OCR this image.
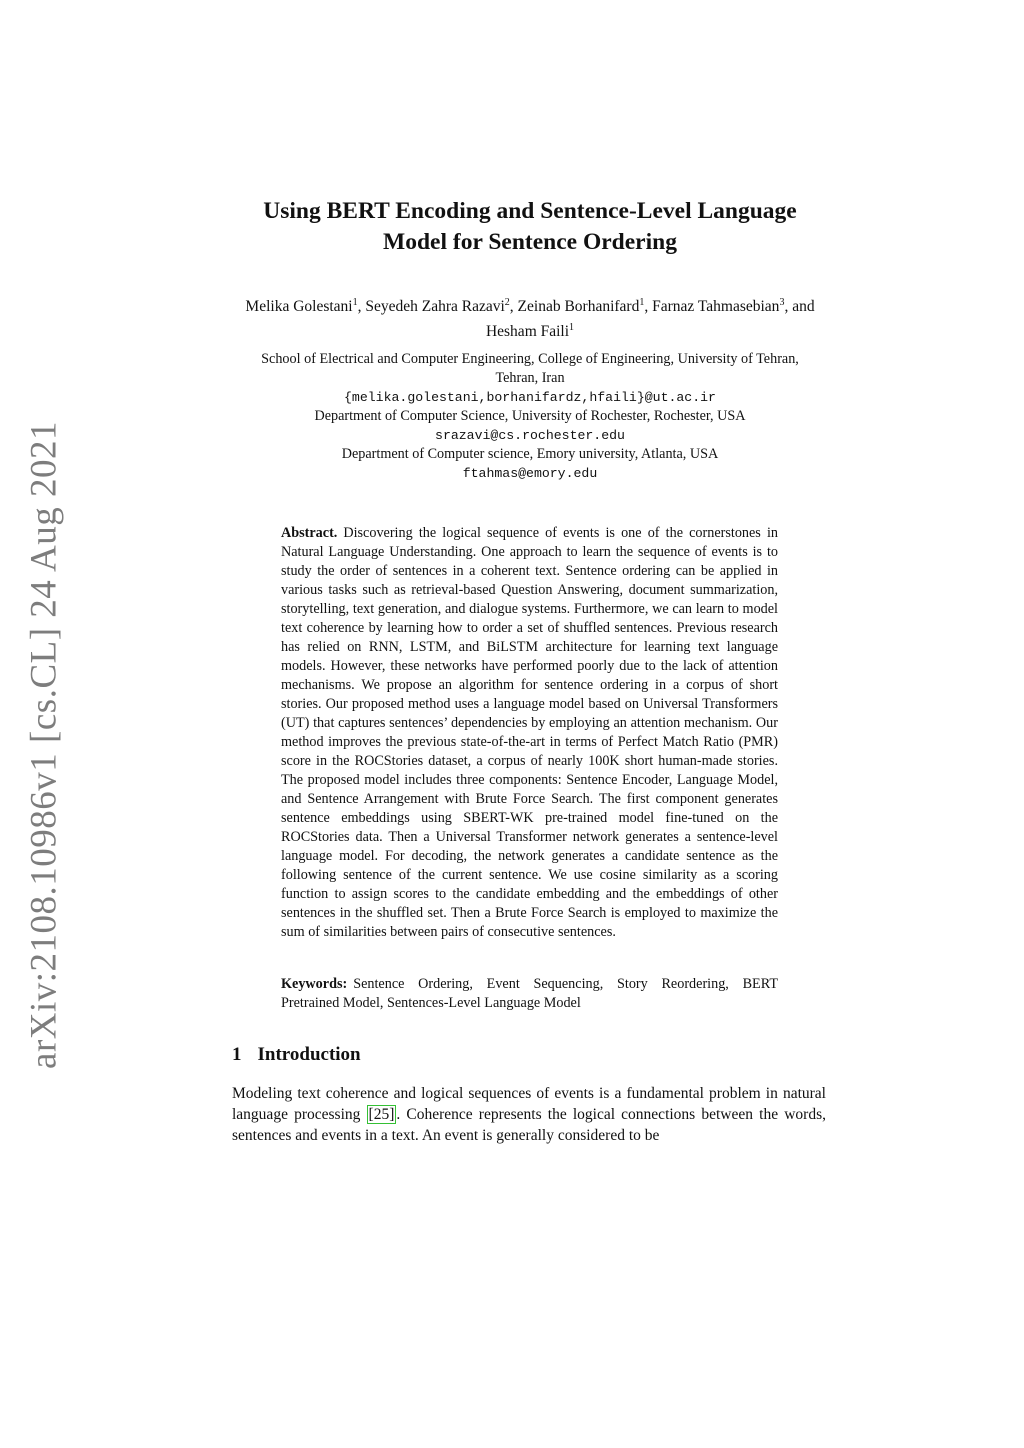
arXiv:2108.10986v1 [cs.CL] 24 Aug 2021
Using BERT Encoding and Sentence-Level Language
Model for Sentence Ordering
Melika Golestani$^1$, Seyedeh Zahra Razavi$^2$, Zeinab Borhanifard$^1$, Farnaz Tahmasebian$^3$, and Hesham Faili$^1$
School of Electrical and Computer Engineering, College of Engineering, University of Tehran,
Tehran, Iran
{melika.golestani,borhanifardz,hfaili}@ut.ac.ir
Department of Computer Science, University of Rochester, Rochester, USA
srazavi@cs.rochester.edu
Department of Computer science, Emory university, Atlanta, USA
ftahmas@emory.edu
Abstract. Discovering the logical sequence of events is one of the cornerstones in Natural Language Understanding. One approach to learn the sequence of events is to study the order of sentences in a coherent text. Sentence ordering can be applied in various tasks such as retrieval-based Question Answering, document summarization, storytelling, text generation, and dialogue systems. Furthermore, we can learn to model text coherence by learning how to order a set of shuffled sentences. Previous research has relied on RNN, LSTM, and BiLSTM architecture for learning text language models. However, these networks have performed poorly due to the lack of attention mechanisms. We propose an algorithm for sentence ordering in a corpus of short stories. Our proposed method uses a language model based on Universal Transformers (UT) that captures sentences’ dependencies by employing an attention mechanism. Our method improves the previous state-of-the-art in terms of Perfect Match Ratio (PMR) score in the ROCStories dataset, a corpus of nearly 100K short human-made stories. The proposed model includes three components: Sentence Encoder, Language Model, and Sentence Arrangement with Brute Force Search. The first component generates sentence embeddings using SBERT-WK pre-trained model fine-tuned on the ROCStories data. Then a Universal Transformer network generates a sentence-level language model. For decoding, the network generates a candidate sentence as the following sentence of the current sentence. We use cosine similarity as a scoring function to assign scores to the candidate embedding and the embeddings of other sentences in the shuffled set. Then a Brute Force Search is employed to maximize the sum of similarities between pairs of consecutive sentences.
Keywords: Sentence Ordering, Event Sequencing, Story Reordering, BERT Pretrained Model, Sentences-Level Language Model
1 Introduction
Modeling text coherence and logical sequences of events is a fundamental problem in natural language processing [25] . Coherence represents the logical connections between the words, sentences and events in a text. An event is generally considered to be
